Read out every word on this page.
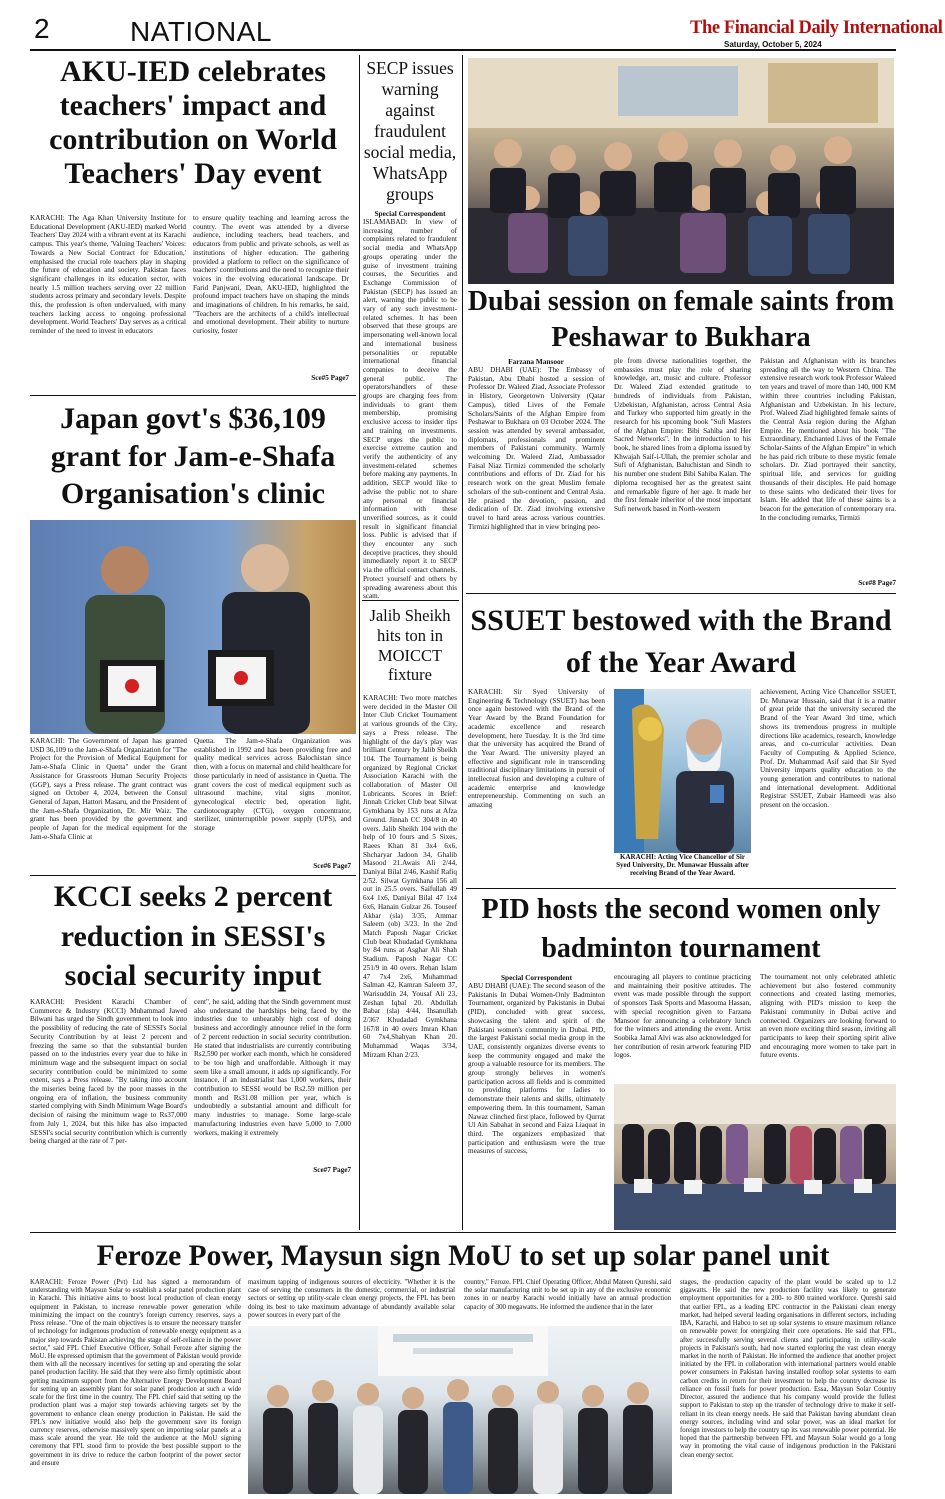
2	NATIONAL	The Financial Daily International
Saturday, October 5, 2024
AKU-IED celebrates teachers' impact and contribution on World Teachers' Day event
KARACHI: The Aga Khan University Institute for Educational Development (AKU-IED) marked World Teachers' Day 2024 with a vibrant event at its Karachi campus. This year's theme, 'Valuing Teachers' Voices: Towards a New Social Contract for Education,' emphasised the crucial role teachers play in shaping the future of education and society. Pakistan faces significant challenges in its education sector, with nearly 1.5 million teachers serving over 22 million students across primary and secondary levels. Despite this, the profession is often undervalued, with many teachers lacking access to ongoing professional development. World Teachers' Day serves as a critical reminder of the need to invest in educators
to ensure quality teaching and learning across the country. The event was attended by a diverse audience, including teachers, head teachers, and educators from public and private schools, as well as institutions of higher education. The gathering provided a platform to reflect on the significance of teachers' contributions and the need to recognize their voices in the evolving educational landscape. Dr Farid Panjwani, Dean, AKU-IED, highlighted the profound impact teachers have on shaping the minds and imaginations of children. In his remarks, he said, "Teachers are the architects of a child's intellectual and emotional development. Their ability to nurture curiosity, foster
Sce#5 Page7
SECP issues warning against fraudulent social media, WhatsApp groups
Special Correspondent
ISLAMABAD: In view of increasing number of complaints related to fraudulent social media and WhatsApp groups operating under the guise of investment training courses, the Securities and Exchange Commission of Pakistan (SECP) has issued an alert, warning the public to be vary of any such investment-related schemes. It has been observed that these groups are impersonating well-known local and international business personalities or reputable international financial companies to deceive the general public. The operators/handlers of these groups are charging fees from individuals to grant them membership, promising exclusive access to insider tips and training on investments. SECP urges the public to exercise extreme caution and verify the authenticity of any investment-related schemes before making any payments. In addition, SECP would like to advise the public not to share any personal or financial information with these unverified sources, as it could result in significant financial loss. Public is advised that if they encounter any such deceptive practices, they should immediately report it to SECP via the official contact channels. Protect yourself and others by spreading awareness about this scam.
Dubai session on female saints from Peshawar to Bukhara
Farzana Mansoor
ABU DHABI (UAE): The Embassy of Pakistan, Abu Dhabi hosted a session of Professor Dr. Waleed Ziad, Associate Professor in History, Georgetown University (Qatar Campus), titled Lives of the Female Scholars/Saints of the Afghan Empire from Peshawar to Bukhara on 03 October 2024. The session was attended by several ambassador, diplomats, professionals and prominent members of Pakistani community. Warmly welcoming Dr. Waleed Ziad, Ambassador Faisal Niaz Tirmizi commended the scholarly contributions and efforts of Dr. Ziad for his research work on the great Muslim female scholars of the sub-continent and Central Asia. He praised the devotion, passion, and dedication of Dr. Ziad involving extensive travel to hard areas across various countries. Tirmizi highlighted that in view bringing peo-
ple from diverse nationalities together, the embassies must play the role of sharing knowledge, art, music and culture. Professor Dr. Waleed Ziad extended gratitude to hundreds of individuals from Pakistan, Uzbekistan, Afghanistan, across Central Asia and Turkey who supported him greatly in the research for his upcoming book "Sufi Masters of the Afghan Empire: Bibi Sahiba and Her Sacred Networks". In the introduction to his book, he shared lines from a diploma issued by Khwajah Saif-i-Ullah, the premier scholar and Sufi of Afghanistan, Baluchistan and Sindh to his number one student Bibi Sahiba Kalan. The diploma recognised her as the greatest saint and remarkable figure of her age. It made her the first female inheritor of the most important Sufi network based in North-western
Pakistan and Afghanistan with its branches spreading all the way to Western China. The extensive research work took Professor Waleed ten years and travel of more than 140, 000 KM within three countries including Pakistan, Afghanistan and Uzbekistan. In his lecture, Prof. Waleed Ziad highlighted female saints of the Central Asia region during the Afghan Empire. He mentioned about his book "The Extraordinary, Enchanted Lives of the Female Scholar-Saints of the Afghan Empire" in which he has paid rich tribute to these mystic female scholars. Dr. Ziad portrayed their sanctity, spiritual life, and services for guiding thousands of their disciples. He paid homage to these saints who dedicated their lives for Islam. He added that life of these saints is a beacon for the generation of contemporary era. In the concluding remarks, Tirmizi
Sce#8 Page7
Japan govt's $36,109 grant for Jam-e-Shafa Organisation's clinic
KARACHI: The Government of Japan has granted USD 36,109 to the Jam-e-Shafa Organization for "The Project for the Provision of Medical Equipment for Jam-e-Shafa Clinic in Quetta" under the Grant Assistance for Grassroots Human Security Projects (GGP), says a Press release. The grant contract was signed on October 4, 2024, between the Consul General of Japan, Hattori Masaru, and the President of the Jam-e-Shafa Organization, Dr. Mir Waiz. The grant has been provided by the government and people of Japan for the medical equipment for the Jam-e-Shafa Clinic at
Quetta. The Jam-e-Shafa Organization was established in 1992 and has been providing free and quality medical services across Balochistan since then, with a focus on maternal and child healthcare for those particularly in need of assistance in Quetta. The grant covers the cost of medical equipment such as ultrasound machine, vital signs monitor, gynecological electric bed, operation light, cardiotocography (CTG), oxygen concentrator, sterilizer, uninterruptible power supply (UPS), and storage
Sce#6 Page7
Jalib Sheikh hits ton in MOICCT fixture
KARACHI: Two more matches were decided in the Master Oil Inter Club Cricket Tournament at various grounds of the City, says a Press release. The highlight of the day's play was brilliant Century by Jalib Sheikh 104. The Tournament is being organized by Regional Cricket Association Karachi with the collaboration of Master Oil Lubricants. Scores in Brief: Jinnah Cricket Club beat Silwat Gymkhana by 153 runs at Afza Ground. Jinnah CC 304/8 in 40 overs. Jalib Sheikh 104 with the help of 10 fours and 5 Sixes, Raees Khan 81 3x4 6x6, Shcharyar Jadoon 34, Ghalib Masood 21.Awais Ali 2/44, Daniyal Bilal 2/46, Kashif Rafiq 2/52. Silwat Gymkhana 156 all out in 25.5 overs. Saifullah 49 6x4 1x6, Daniyal Bilal 47 1x4 6x6, Hanain Gulzar 26. Touseef Akbar (sla) 3/35, Ammar Saleem (ob) 3/23. In the 2nd Match Paposh Nagar Cricket Club beat Khudadad Gymkhana by 84 runs at Asghar Ali Shah Stadium. Paposh Nagar CC 251/9 in 40 overs. Rehan Islam 47 7x4 2x6, Muhammad Salman 42, Kamran Saleem 37, Warisuddin 24, Yousaf Ali 23, Zeshan Iqbal 20. Abdullah Babar (sla) 4/44, Ihsanullah 2/36? Khudadad Gymkhana 167/8 in 40 overs Imran Khan 60 7x4,Shahyan Khan 20. Muhammad Waqas 3/34, Mirzam Khan 2/23.
SSUET bestowed with the Brand of the Year Award
KARACHI: Sir Syed University of Engineering & Technology (SSUET) has been once again bestowed with the Brand of the Year Award by the Brand Foundation for academic excellence and research development, here Tuesday. It is the 3rd time that the university has acquired the Brand of the Year Award. The university played an effective and significant role in transcending traditional disciplinary limitations in pursuit of intellectual fusion and developing a culture of academic enterprise and knowledge entrepreneurship. Commenting on such an amazing
KARACHI: Acting Vice Chancellor of Sir Syed University, Dr. Munawar Hussain after receiving Brand of the Year Award.
achievement, Acting Vice Chancellor SSUET, Dr. Munawar Hussain, said that it is a matter of great pride that the university secured the Brand of the Year Award 3rd time, which shows its tremendous progress in multiple directions like academics, research, knowledge areas, and co-curricular activities. Dean Faculty of Computing & Applied Science, Prof. Dr. Muhammad Asif said that Sir Syed University imparts quality education to the young generation and contributes to national and international development. Additional Registrar SSUET, Zubair Hameedi was also present on the occasion.
KCCI seeks 2 percent reduction in SESSI's social security input
KARACHI: President Karachi Chamber of Commerce & Industry (KCCI) Muhammad Jawed Bilwani has urged the Sindh government to look into the possibility of reducing the rate of SESSI's Social Security Contribution by at least 2 percent and freezing the same so that the substantial burden passed on to the industries every year due to hike in minimum wage and the subsequent impact on social security contribution could be minimized to some extent, says a Press release. "By taking into account the miseries being faced by the poor masses in the ongoing era of inflation, the business community started complying with Sindh Minimum Wage Board's decision of raising the minimum wage to Rs37,000 from July 1, 2024, but this hike has also impacted SESSI's social security contribution which is currently being charged at the rate of 7 per-
cent", he said, adding that the Sindh government must also understand the hardships being faced by the industries due to unbearably high cost of doing business and accordingly announce relief in the form of 2 percent reduction in social security contribution. He stated that industrialists are currently contributing Rs2,590 per worker each month, which he considered to be too high and unaffordable. Although it may seem like a small amount, it adds up significantly. For instance, if an industrialist has 1,000 workers, their contribution to SESSI would be Rs2.59 million per month and Rs31.08 million per year, which is undoubtedly a substantial amount and difficult for many industries to manage. Some large-scale manufacturing industries even have 5,000 to 7,000 workers, making it extremely
Sce#7 Page7
PID hosts the second women only badminton tournament
Special Correspondent
ABU DHABI (UAE): The second season of the Pakistanis In Dubai Women-Only Badminton Tournament, organized by Pakistanis in Dubai (PID), concluded with great success, showcasing the talent and spirit of the Pakistani women's community in Dubai. PID, the largest Pakistani social media group in the UAE, consistently organizes diverse events to keep the community engaged and make the group a valuable resource for its members. The group strongly believes in women's participation across all fields and is committed to providing platforms for ladies to demonstrate their talents and skills, ultimately empowering them. In this tournament, Saman Nawaz clinched first place, followed by Qurrat Ul Ain Sabahat in second and Faiza Liaquat in third. The organizers emphasized that participation and enthusiasm were the true measures of success,
encouraging all players to continue practicing and maintaining their positive attitudes. The event was made possible through the support of sponsors Task Sports and Masooma Hassan, with special recognition given to Farzana Mansoor for announcing a celebratory lunch for the winners and attending the event. Artist Soobika Jamal Alvi was also acknowledged for her contribution of resin artwork featuring PID logos.
The tournament not only celebrated athletic achievement but also fostered community connections and created lasting memories, aligning with PID's mission to keep the Pakistani community in Dubai active and connected. Organizers are looking forward to an even more exciting third season, inviting all participants to keep their sporting spirit alive and encouraging more women to take part in future events.
Feroze Power, Maysun sign MoU to set up solar panel unit
KARACHI: Feroze Power (Pvt) Ltd has signed a memorandum of understanding with Maysun Solar to establish a solar panel production plant in Karachi. This initiative aims to boost local production of clean energy equipment in Pakistan, to increase renewable power generation while minimizing the impact on the country's foreign currency reserves, says a Press release. "One of the main objectives is to ensure the necessary transfer of technology for indigenous production of renewable energy equipment as a major step towards Pakistan achieving the stage of self-reliance in the power sector," said FPL Chief Executive Officer, Sohail Feroze after signing the MoU. He expressed optimism that the government of Pakistan would provide them with all the necessary incentives for setting up and operating the solar panel production facility. He said that they were also firmly optimistic about getting maximum support from the Alternative Energy Development Board for setting up an assembly plant for solar panel production at such a wide scale for the first time in the country. The FPL chief said that setting up the production plant was a major step towards achieving targets set by the government to enhance clean energy production in Pakistan. He said the FPL's new initiative would also help the government save its foreign currency reserves, otherwise massively spent on importing solar panels at a mass scale around the year. He told the audience at the MoU signing ceremony that FPL stood firm to provide the best possible support to the government in its drive to reduce the carbon footprint of the power sector and ensure
maximum tapping of indigenous sources of electricity. "Whether it is the case of serving the consumers in the domestic, commercial, or industrial sectors or setting up utility-scale clean energy projects, the FPL has been doing its best to take maximum advantage of abundantly available solar power sources in every part of the
country," Feroze. FPL Chief Operating Officer, Abdul Mateen Qureshi, said the solar manufacturing unit to be set up in any of the exclusive economic zones in or nearby Karachi would initially have an annual production capacity of 300 megawatts. He informed the audience that in the later
stages, the production capacity of the plant would be scaled up to 1.2 gigawatts. He said the new production facility was likely to generate employment opportunities for a 200- to 800 trained workforce. Qureshi said that earlier FPL, as a leading EPC contractor in the Pakistani clean energy market, had helped several leading organisations in different sectors, including IBA, Karachi, and Habco to set up solar systems to ensure maximum reliance on renewable power for energizing their core operations. He said that FPL, after successfully serving several clients and participating in utility-scale projects in Pakistan's south, had now started exploring the vast clean energy market in the north of Pakistan. He informed the audience that another project initiated by the FPL in collaboration with international partners would enable power consumers in Pakistan having installed rooftop solar systems to earn carbon credits in return for their investment to help the country decrease its reliance on fossil fuels for power production. Essa, Maysun Solar Country Director, assured the audience that his company would provide the fullest support to Pakistan to step up the transfer of technology drive to make it self-reliant in its clean energy needs. He said that Pakistan having abundant clean energy sources, including wind and solar power, was an ideal market for foreign investors to help the country tap its vast renewable power potential. He hoped that the partnership between FPL and Maysun Solar would go a long way in promoting the vital cause of indigenous production in the Pakistani clean energy sector.
